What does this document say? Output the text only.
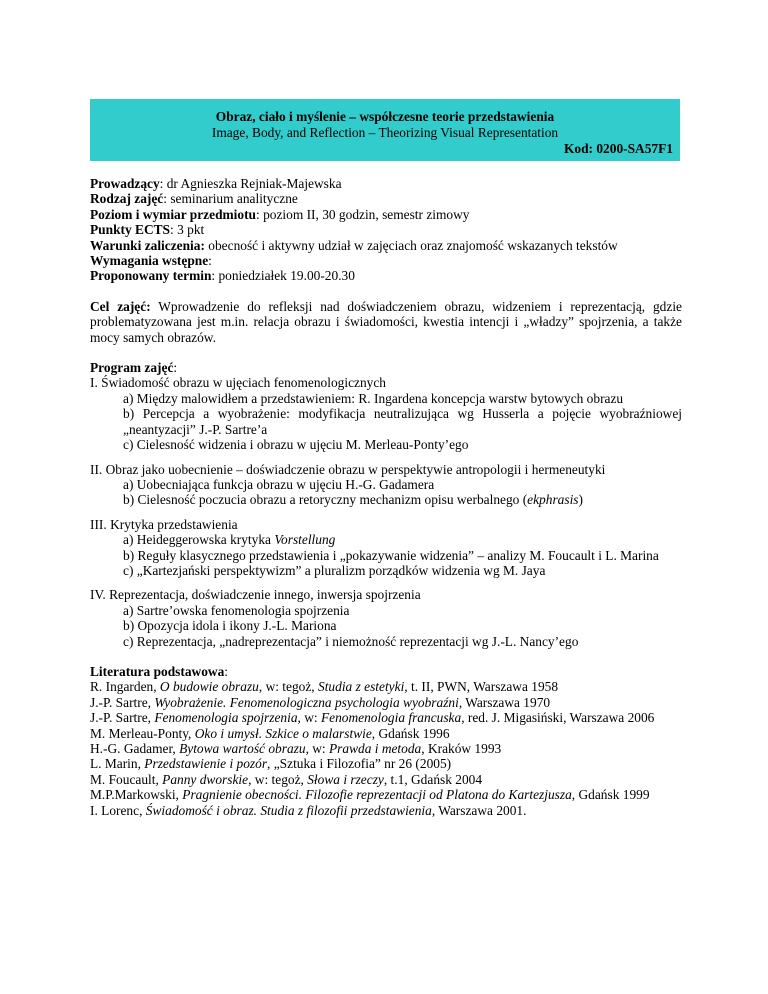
Obraz, ciało i myślenie – współczesne teorie przedstawienia
Image, Body, and Reflection – Theorizing Visual Representation
Kod: 0200-SA57F1
Prowadzący: dr Agnieszka Rejniak-Majewska
Rodzaj zajęć: seminarium analityczne
Poziom i wymiar przedmiotu: poziom II, 30 godzin, semestr zimowy
Punkty ECTS: 3 pkt
Warunki zaliczenia: obecność i aktywny udział w zajęciach oraz znajomość wskazanych tekstów
Wymagania wstępne:
Proponowany termin: poniedziałek 19.00-20.30
Cel zajęć: Wprowadzenie do refleksji nad doświadczeniem obrazu, widzeniem i reprezentacją, gdzie problematyzowana jest m.in. relacja obrazu i świadomości, kwestia intencji i „władzy” spojrzenia, a także mocy samych obrazów.
Program zajęć:
I. Świadomość obrazu w ujęciach fenomenologicznych
a) Między malowidłem a przedstawieniem: R. Ingardena koncepcja warstw bytowych obrazu
b) Percepcja a wyobrażenie: modyfikacja neutralizująca wg Husserla a pojęcie wyobraźniowej „neantyzacji” J.-P. Sartre’a
c) Cielesność widzenia i obrazu w ujęciu M. Merleau-Ponty’ego
II. Obraz jako uobecnienie – doświadczenie obrazu w perspektywie antropologii i hermeneutyki
a) Uobecniająca funkcja obrazu w ujęciu H.-G. Gadamera
b) Cielesność poczucia obrazu a retoryczny mechanizm opisu werbalnego (ekphrasis)
III. Krytyka przedstawienia
a) Heideggerowska krytyka Vorstellung
b) Reguły klasycznego przedstawienia i „pokazywanie widzenia” – analizy M. Foucault i L. Marina
c) „Kartezjański perspektywizm” a pluralizm porządków widzenia wg M. Jaya
IV. Reprezentacja, doświadczenie innego, inwersja spojrzenia
a) Sartre’owska fenomenologia spojrzenia
b) Opozycja idola i ikony J.-L. Mariona
c) Reprezentacja, „nadreprezentacja” i niemożność reprezentacji wg J.-L. Nancy’ego
Literatura podstawowa:
R. Ingarden, O budowie obrazu, w: tegoż, Studia z estetyki, t. II, PWN, Warszawa 1958
J.-P. Sartre, Wyobrażenie. Fenomenologiczna psychologia wyobraźni, Warszawa 1970
J.-P. Sartre, Fenomenologia spojrzenia, w: Fenomenologia francuska, red. J. Migasiński, Warszawa 2006
M. Merleau-Ponty, Oko i umysł. Szkice o malarstwie, Gdańsk 1996
H.-G. Gadamer, Bytowa wartość obrazu, w: Prawda i metoda, Kraków 1993
L. Marin, Przedstawienie i pozór, „Sztuka i Filozofia” nr 26 (2005)
M. Foucault, Panny dworskie, w: tegoż, Słowa i rzeczy, t.1, Gdańsk 2004
M.P.Markowski, Pragnienie obecności. Filozofie reprezentacji od Platona do Kartezjusza, Gdańsk 1999
I. Lorenc, Świadomość i obraz. Studia z filozofii przedstawienia, Warszawa 2001.
